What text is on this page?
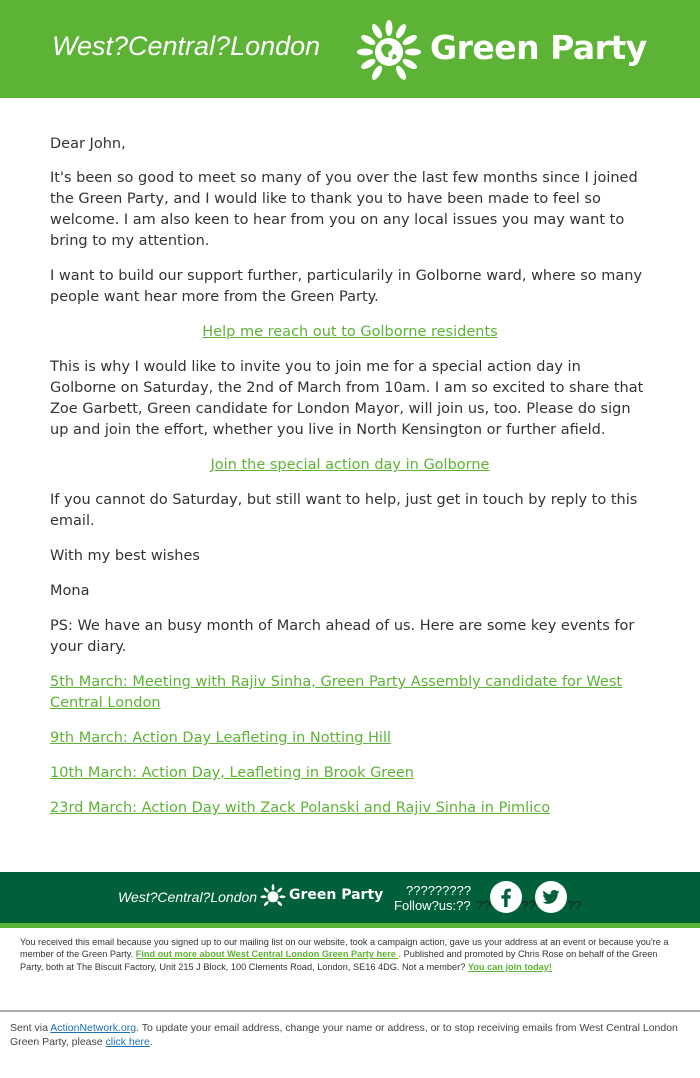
West?Central?London	Green Party
Dear John,
It's been so good to meet so many of you over the last few months since I joined the Green Party, and I would like to thank you to have been made to feel so welcome. I am also keen to hear from you on any local issues you may want to bring to my attention.
I want to build our support further, particularily in Golborne ward, where so many people want hear more from the Green Party.
Help me reach out to Golborne residents
This is why I would like to invite you to join me for a special action day in Golborne on Saturday, the 2nd of March from 10am. I am so excited to share that Zoe Garbett, Green candidate for London Mayor, will join us, too. Please do sign up and join the effort, whether you live in North Kensington or further afield.
Join the special action day in Golborne
If you cannot do Saturday, but still want to help, just get in touch by reply to this email.
With my best wishes
Mona
PS: We have an busy month of March ahead of us. Here are some key events for your diary.
5th March: Meeting with Rajiv Sinha, Green Party Assembly candidate for West Central London
9th March: Action Day Leafleting in Notting Hill
10th March: Action Day, Leafleting in Brook Green
23rd March: Action Day with Zack Polanski and Rajiv Sinha in Pimlico
West?Central?London Green Party ?????????
Follow?us:?? ?? ?? ??
You received this email because you signed up to our mailing list on our website, took a campaign action, gave us your address at an event or because you're a member of the Green Party. Find out more about West Central London Green Party here . Published and promoted by Chris Rose on behalf of the Green Party, both at The Biscuit Factory, Unit 215 J Block, 100 Clements Road, London, SE16 4DG. Not a member? You can join today!
Sent via ActionNetwork.org. To update your email address, change your name or address, or to stop receiving emails from West Central London Green Party, please click here.
